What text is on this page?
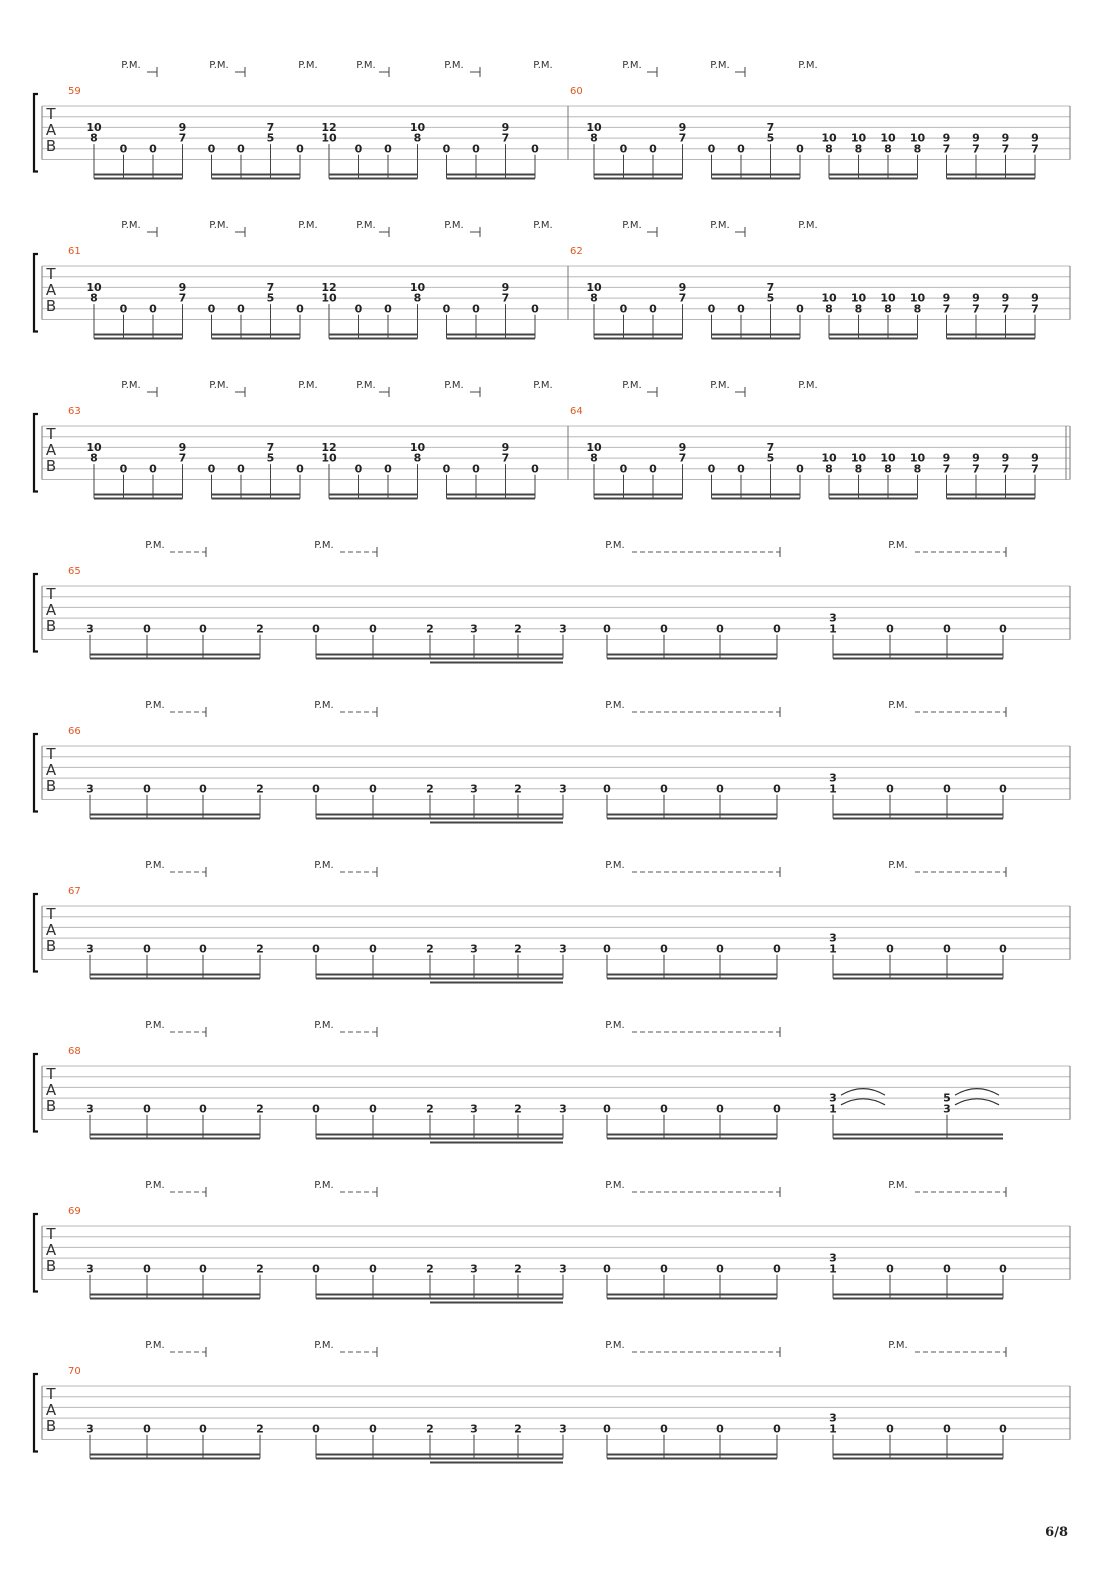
T
A
B
59	60
10
8
0 0
9
7
0 0
7
5
0
12
10
0 0
10
8
0 0
9
7
0
10
8
0 0
9
7
0 0
7
5
0
10
8
10
8
10
8
10
8
9
7
9
7
9
7
9
7
P.M.	P.M.	P.M.	P.M.	P.M.	P.M.	P.M.	P.M.	P.M.
T
A
B
61	62
10
8
0 0
9
7
0 0
7
5
0
12
10
0 0
10
8
0 0
9
7
0
10
8
0 0
9
7
0 0
7
5
0
10
8
10
8
10
8
10
8
9
7
9
7
9
7
9
7
P.M.	P.M.	P.M.	P.M.	P.M.	P.M.	P.M.	P.M.	P.M.
T
A
B
63	64
10
8
0 0
9
7
0 0
7
5
0
12
10
0 0
10
8
0 0
9
7
0
10
8
0 0
9
7
0 0
7
5
0
10
8
10
8
10
8
10
8
9
7
9
7
9
7
9
7
P.M.	P.M.	P.M.	P.M.	P.M.	P.M.	P.M.	P.M.	P.M.
T
A
B
65
3	0	0	2	0	0	2	3	2	3	0	0	0	0
3
1	0	0	0
P.M.	P.M.	P.M.	P.M.
T
A
B
66
3	0	0	2	0	0	2	3	2	3	0	0	0	0
3
1	0	0	0
P.M.	P.M.	P.M.	P.M.
T
A
B
67
3	0	0	2	0	0	2	3	2	3	0	0	0	0
3
1	0	0	0
P.M.	P.M.	P.M.	P.M.
T
A
B
68
3	0	0	2	0	0	2	3	2	3	0	0	0	0
3
1
5
3
P.M.	P.M.	P.M.
T
A
B
69
3	0	0	2	0	0	2	3	2	3	0	0	0	0
3
1	0	0	0
P.M.	P.M.	P.M.	P.M.
T
A
B
70
3	0	0	2	0	0	2	3	2	3	0	0	0	0
3
1	0	0	0
P.M.	P.M.	P.M.	P.M.
6/8
